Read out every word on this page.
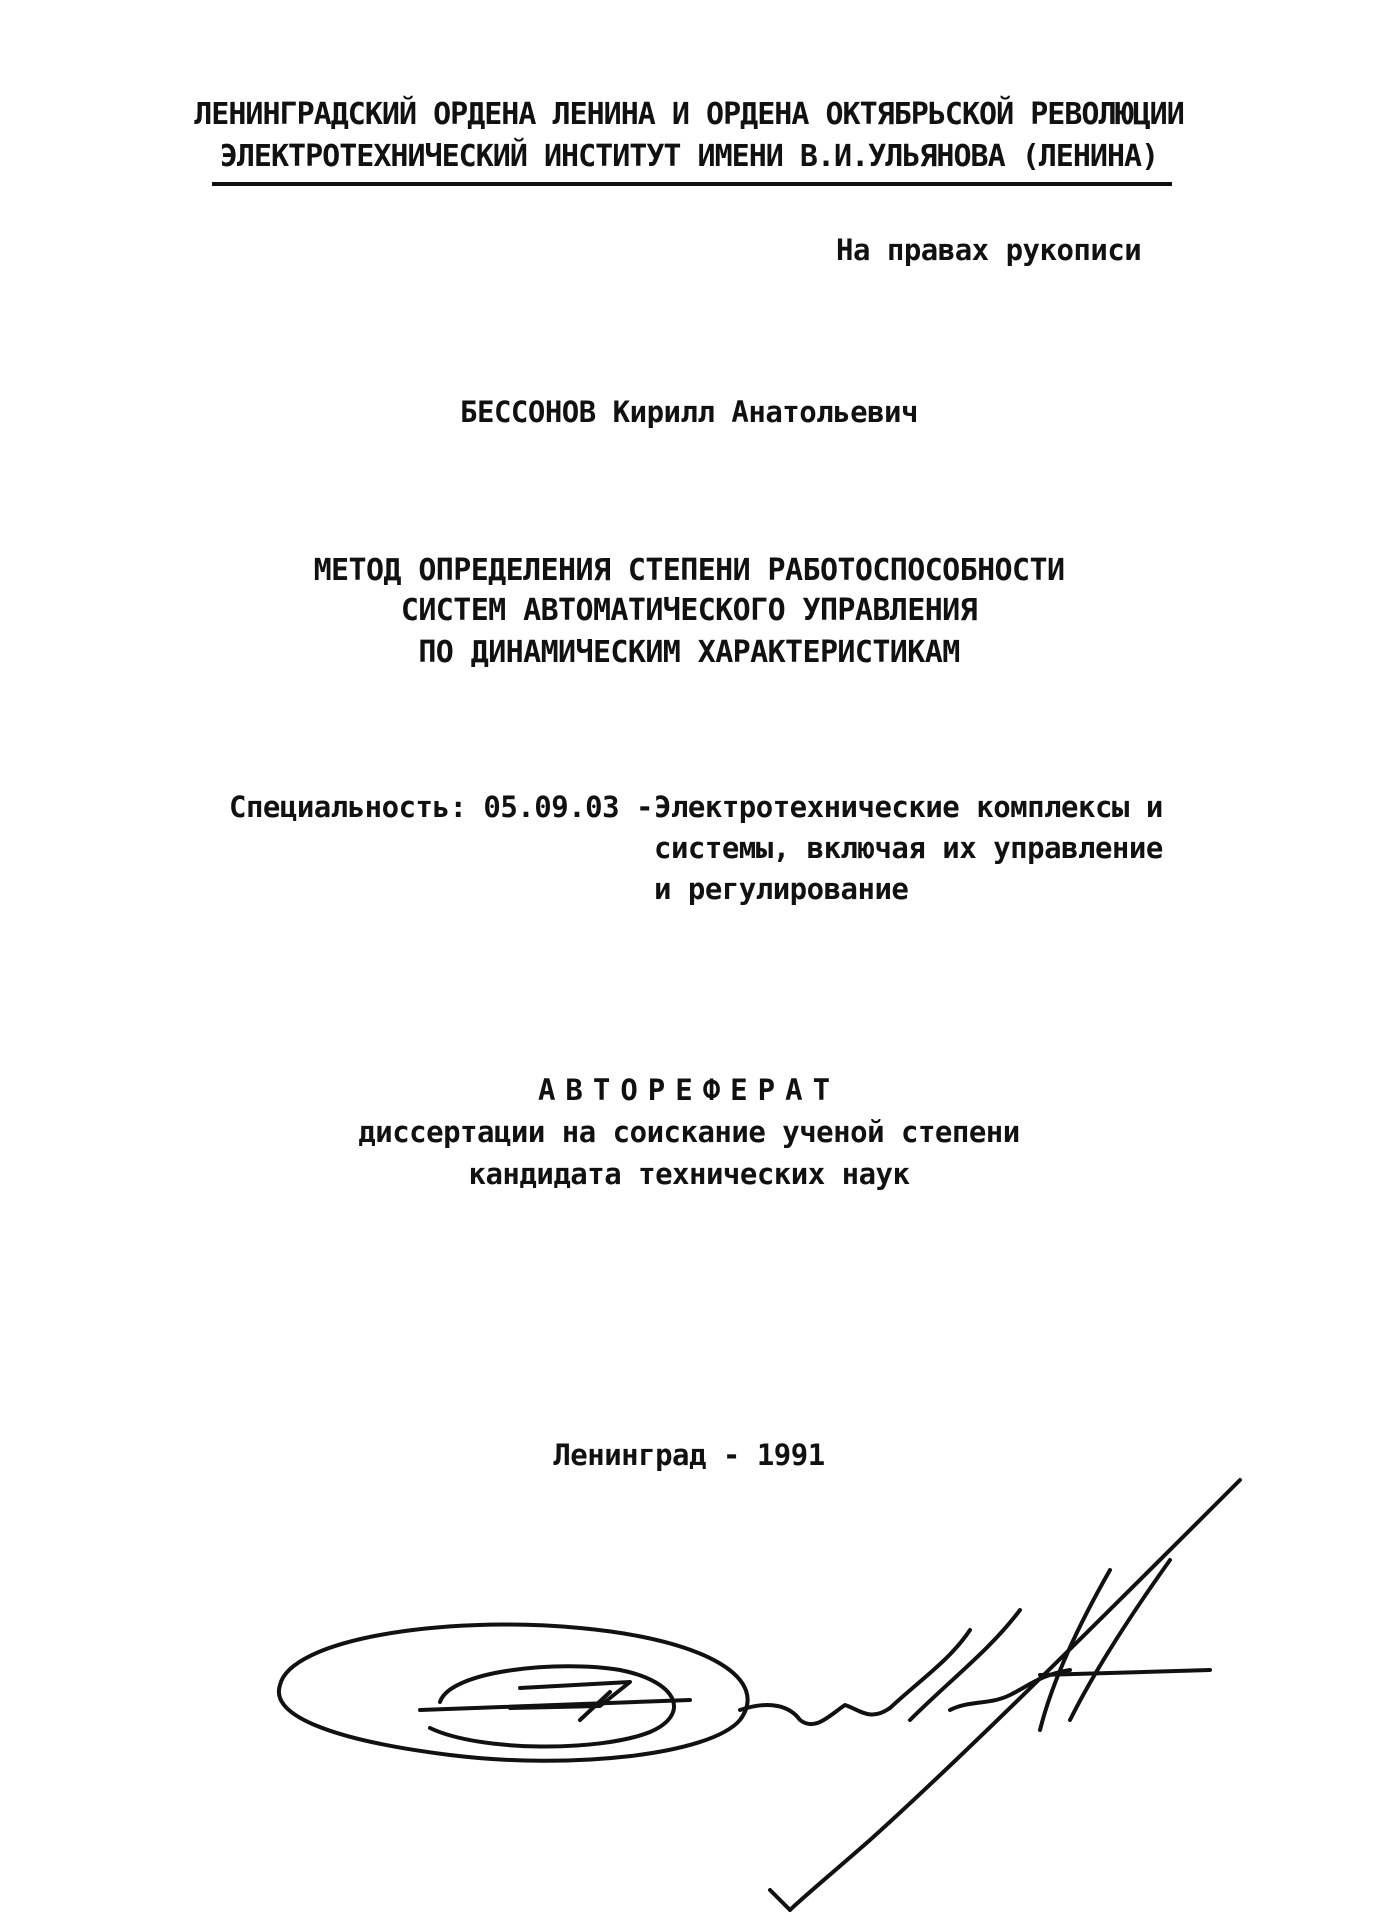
ЛЕНИНГРАДСКИЙ ОРДЕНА ЛЕНИНА И ОРДЕНА ОКТЯБРЬСКОЙ РЕВОЛЮЦИИ
ЭЛЕКТРОТЕХНИЧЕСКИЙ ИНСТИТУТ ИМЕНИ В.И.УЛЬЯНОВА (ЛЕНИНА)
На правах рукописи
БЕССОНОВ Кирилл Анатольевич
МЕТОД ОПРЕДЕЛЕНИЯ СТЕПЕНИ РАБОТОСПОСОБНОСТИ
СИСТЕМ АВТОМАТИЧЕСКОГО УПРАВЛЕНИЯ
ПО ДИНАМИЧЕСКИМ ХАРАКТЕРИСТИКАМ
Специальность: 05.09.03 - Электротехнические комплексы и
системы, включая их управление
и регулирование
АВТОРЕФЕРАТ
диссертации на соискание ученой степени
кандидата технических наук
Ленинград - 1991
